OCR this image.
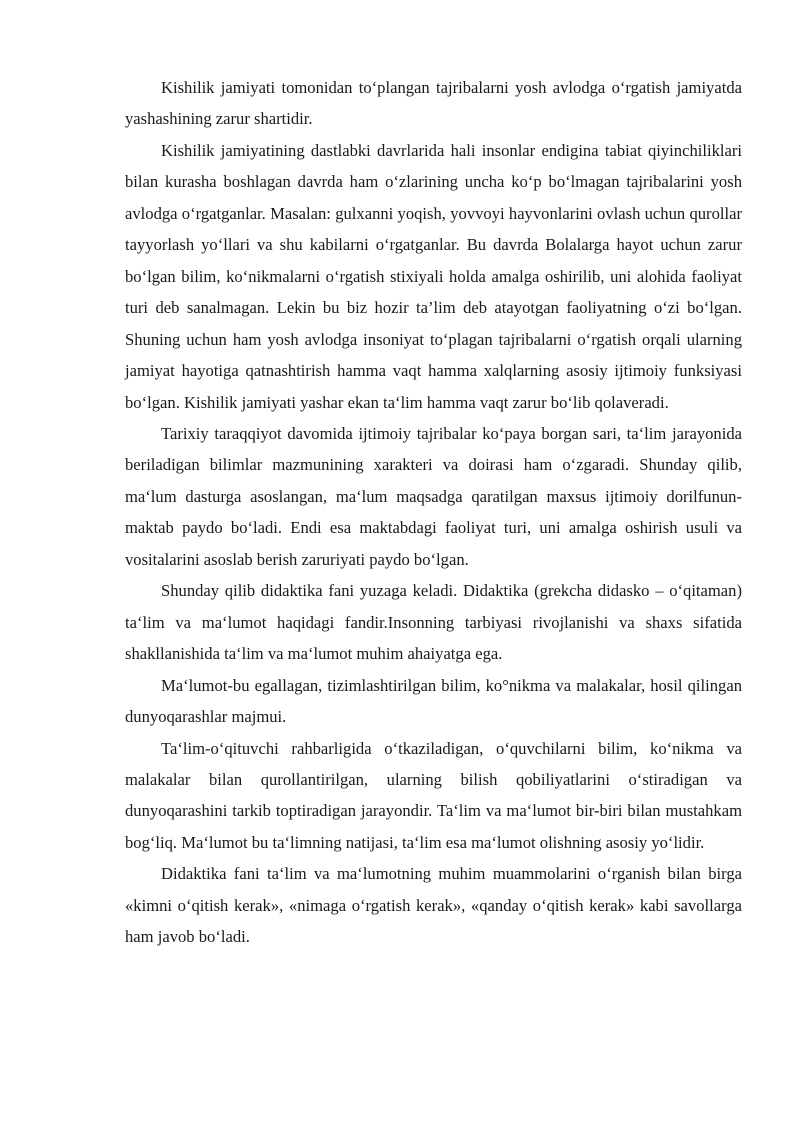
Kishilik jamiyati tomonidan to‘plangan tajribalarni yosh avlodga o‘rgatish jamiyatda yashashining zarur shartidir.

Kishilik jamiyatining dastlabki davrlarida hali insonlar endigina tabiat qiyinchiliklari bilan kurasha boshlagan davrda ham o‘zlarining uncha ko‘p bo‘lmagan tajribalarini yosh avlodga o‘rgatganlar. Masalan: gulxanni yoqish, yovvoyi hayvonlarini ovlash uchun qurollar tayyorlash yo‘llari va shu kabilarni o‘rgatganlar. Bu davrda Bolalarga hayot uchun zarur bo‘lgan bilim, ko‘nikmalarni o‘rgatish stixiyali holda amalga oshirilib, uni alohida faoliyat turi deb sanalmagan. Lekin bu biz hozir ta’lim deb atayotgan faoliyatning o‘zi bo‘lgan. Shuning uchun ham yosh avlodga insoniyat to‘plagan tajribalarni o‘rgatish orqali ularning jamiyat hayotiga qatnashtirish hamma vaqt hamma xalqlarning asosiy ijtimoiy funksiyasi bo‘lgan. Kishilik jamiyati yashar ekan ta‘lim hamma vaqt zarur bo‘lib qolaveradi.

Tarixiy taraqqiyot davomida ijtimoiy tajribalar ko‘paya borgan sari, ta‘lim jarayonida beriladigan bilimlar mazmunining xarakteri va doirasi ham o‘zgaradi. Shunday qilib, ma‘lum dasturga asoslangan, ma‘lum maqsadga qaratilgan maxsus ijtimoiy dorilfunun-maktab paydo bo‘ladi. Endi esa maktabdagi faoliyat turi, uni amalga oshirish usuli va vositalarini asoslab berish zaruriyati paydo bo‘lgan.

Shunday qilib didaktika fani yuzaga keladi. Didaktika (grekcha didasko – o‘qitaman) ta‘lim va ma‘lumot haqidagi fandir.Insonning tarbiyasi rivojlanishi va shaxs sifatida shakllanishida ta‘lim va ma‘lumot muhim ahaiyatga ega.

Ma‘lumot-bu egallagan, tizimlashtirilgan bilim, ko°nikma va malakalar, hosil qilingan dunyoqarashlar majmui.

Ta‘lim-o‘qituvchi rahbarligida o‘tkaziladigan, o‘quvchilarni bilim, ko‘nikma va malakalar bilan qurollantirilgan, ularning bilish qobiliyatlarini o‘stiradigan va dunyoqarashini tarkib toptiradigan jarayondir. Ta‘lim va ma‘lumot bir-biri bilan mustahkam bog‘liq. Ma‘lumot bu ta‘limning natijasi, ta‘lim esa ma‘lumot olishning asosiy yo‘lidir.

Didaktika fani ta‘lim va ma‘lumotning muhim muammolarini o‘rganish bilan birga «kimni o‘qitish kerak», «nimaga o‘rgatish kerak», «qanday o‘qitish kerak» kabi savollarga ham javob bo‘ladi.
